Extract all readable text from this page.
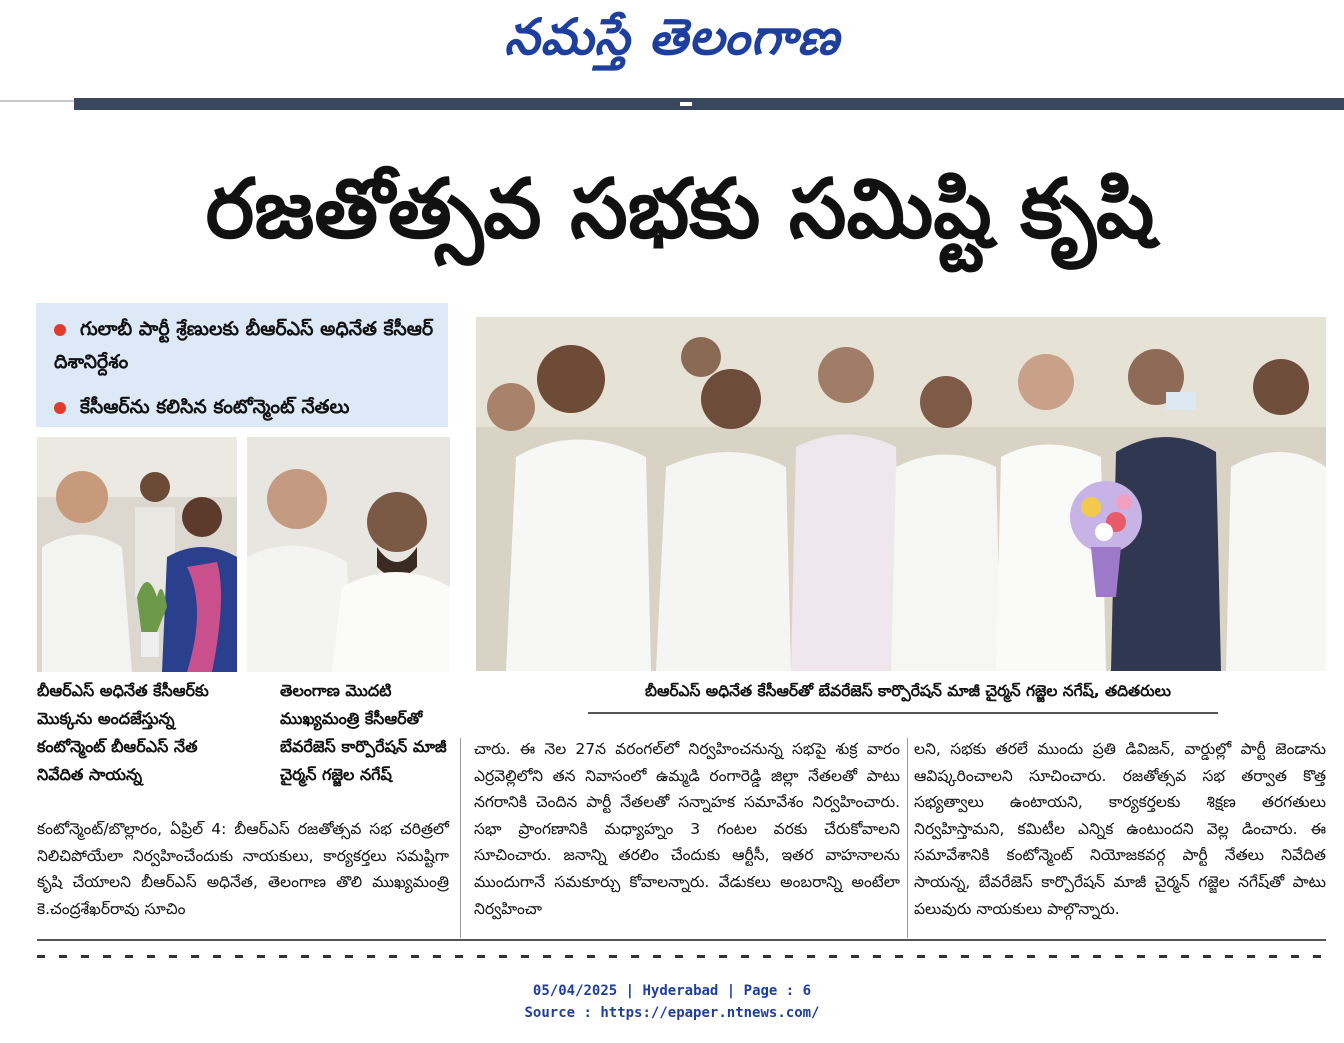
నమస్తే తెలంగాణ
రజతోత్సవ సభకు సమిష్టి కృషి
గులాబీ పార్టీ శ్రేణులకు బీఆర్ఎస్ అధినేత కేసీఆర్ దిశానిర్దేశం
కేసీఆర్‌ను కలిసిన కంటోన్మెంట్ నేతలు
బీఆర్ఎస్ అధినేత కేసీఆర్‌కు మొక్కను అందజేస్తున్న కంటోన్మెంట్ బీఆర్ఎస్ నేత నివేదిత సాయన్న
తెలంగాణ మొదటి ముఖ్యమంత్రి కేసీఆర్‌తో బేవరేజెస్ కార్పొరేషన్ మాజీ చైర్మన్ గజ్జెల నగేష్
బీఆర్ఎస్ అధినేత కేసీఆర్‌తో బేవరేజెస్ కార్పొరేషన్ మాజీ చైర్మన్ గజ్జెల నగేష్, తదితరులు
కంటోన్మెంట్/బొల్లారం, ఏప్రిల్ 4: బీఆర్ఎస్ రజతోత్సవ సభ చరిత్రలో నిలిచిపోయేలా నిర్వహించేందుకు నాయకులు, కార్యకర్తలు సమష్టిగా కృషి చేయాలని బీఆర్ఎస్ అధినేత, తెలంగాణ తొలి ముఖ్యమంత్రి కె.చంద్రశేఖర్‌రావు సూచిం
చారు. ఈ నెల 27న వరంగల్‌లో నిర్వహించనున్న సభపై శుక్ర వారం ఎర్రవెల్లిలోని తన నివాసంలో ఉమ్మడి రంగారెడ్డి జిల్లా నేతలతో పాటు నగరానికి చెందిన పార్టీ నేతలతో సన్నాహక సమావేశం నిర్వహించారు. సభా ప్రాంగణానికి మధ్యాహ్నం 3 గంటల వరకు చేరుకోవాలని సూచించారు. జనాన్ని తరలిం చేందుకు ఆర్టీసీ, ఇతర వాహనాలను ముందుగానే సమకూర్చు కోవాలన్నారు. వేడుకలు అంబరాన్ని అంటేలా నిర్వహించా
లని, సభకు తరలే ముందు ప్రతి డివిజన్, వార్డుల్లో పార్టీ జెండాను ఆవిష్కరించాలని సూచించారు. రజతోత్సవ సభ తర్వాత కొత్త సభ్యత్వాలు ఉంటాయని, కార్యకర్తలకు శిక్షణ తరగతులు నిర్వహిస్తామని, కమిటీల ఎన్నిక ఉంటుందని వెల్ల డించారు. ఈ సమావేశానికి కంటోన్మెంట్ నియోజకవర్గ పార్టీ నేతలు నివేదిత సాయన్న, బేవరేజెస్ కార్పొరేషన్ మాజీ చైర్మన్ గజ్జెల నగేష్‌తో పాటు పలువురు నాయకులు పాల్గొన్నారు.
05/04/2025 | Hyderabad | Page : 6
Source : https://epaper.ntnews.com/
